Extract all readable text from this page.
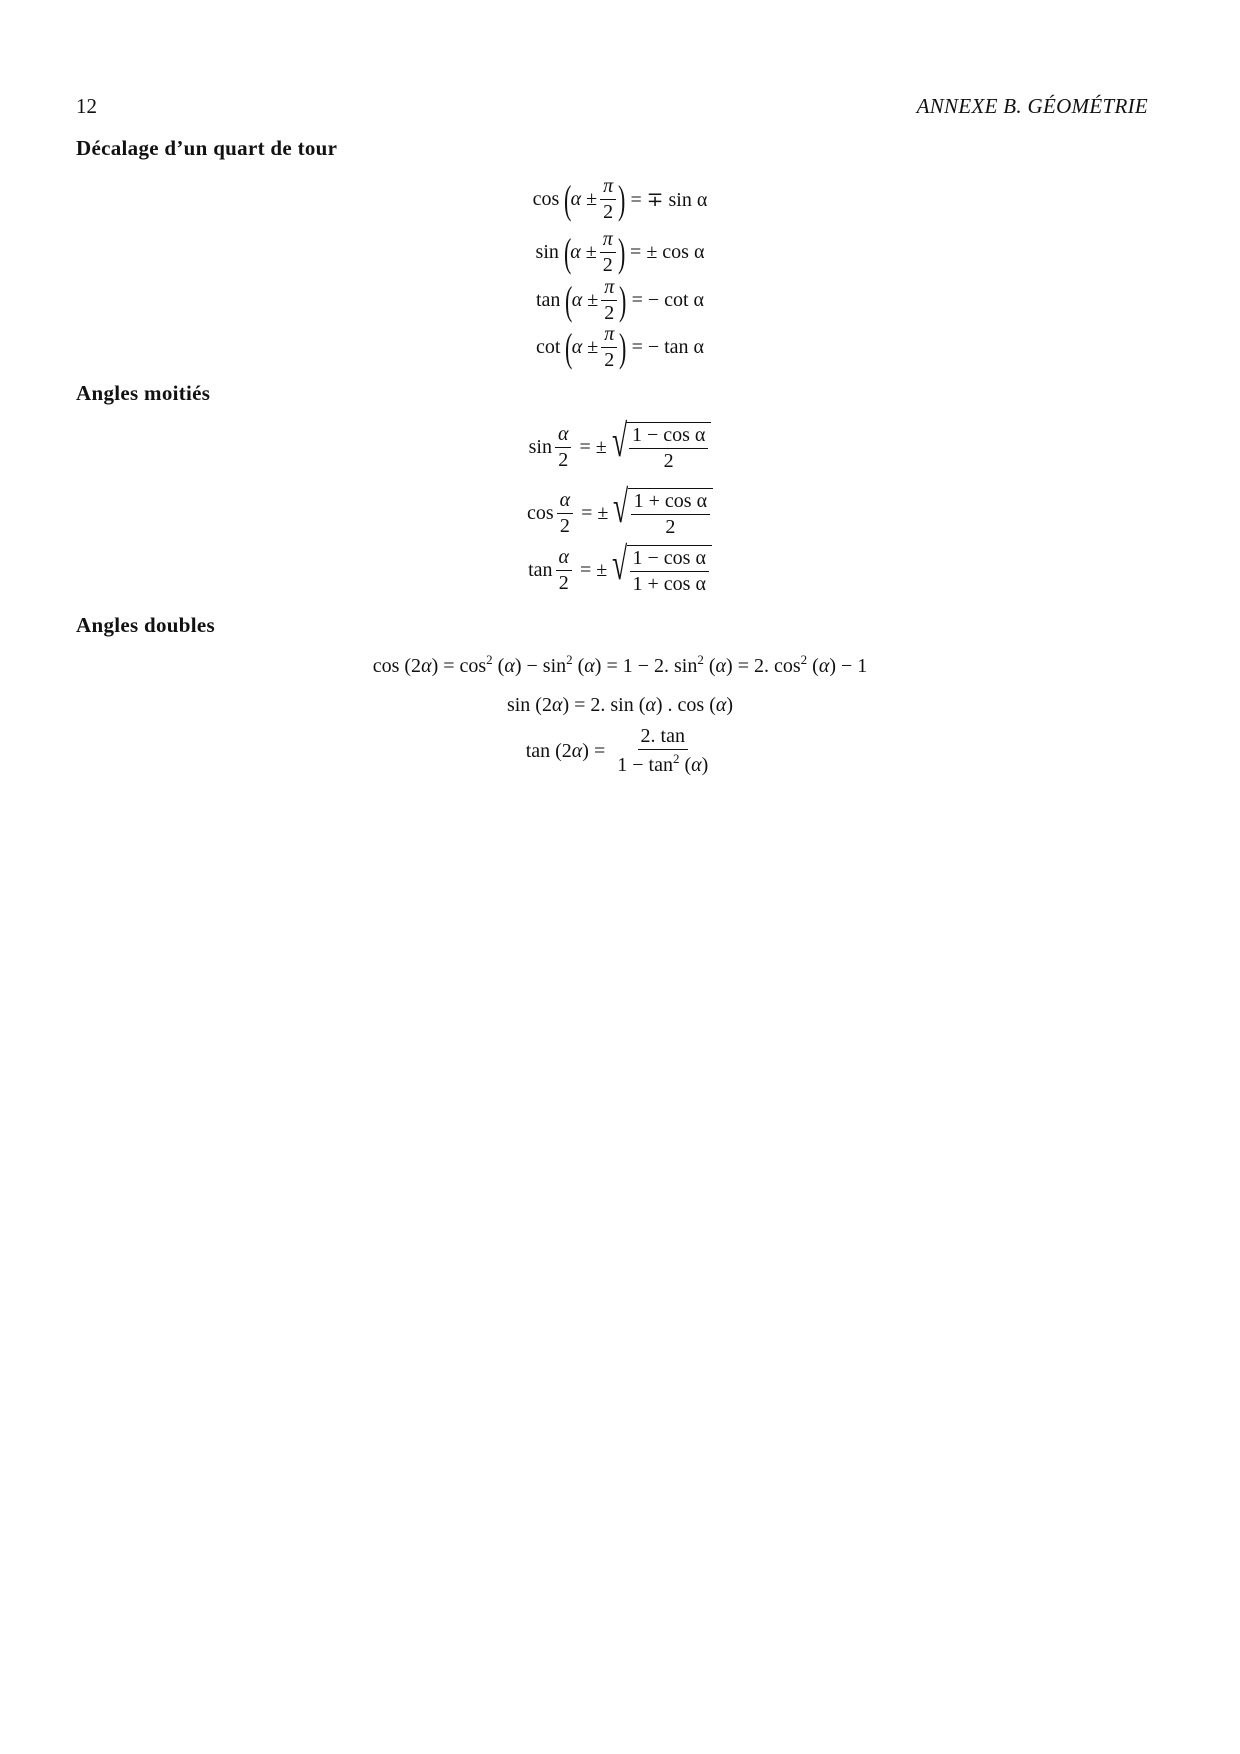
12	ANNEXE B. GÉOMÉTRIE
Décalage d’un quart de tour
cos (
$\alpha \pm \frac{\pi}{2}$ ) = ∓ sin α
sin (
$\alpha \pm \frac{\pi}{2}$ ) = ± cos α
tan (
$\alpha \pm \frac{\pi}{2}$ ) = − cot α
cot (
$\alpha \pm \frac{\pi}{2}$ ) = − tan α
Angles moitiés
$\sin \frac{\alpha}{2}$ = ± √ $\frac{\text{1 − cos α}}{2}$
$\cos \frac{\alpha}{2}$ = ± √ $\frac{\text{1 + cos α}}{2}$
$\tan \frac{\alpha}{2}$ = ± √ $\frac{\text{1 − cos α}}{\text{1 + cos α}}$
Angles doubles
$\cos (2\alpha) = \cos^2 (\alpha) - \sin^2 (\alpha) = 1 - 2$. $\sin^2 (\alpha) = 2$. $\cos^2 (\alpha) - 1$
sin (2α) = 2. sin (α) . cos (α)
$\tan (2\alpha) = \frac{2. \tan}{1 - \tan^2 (\alpha)}$
